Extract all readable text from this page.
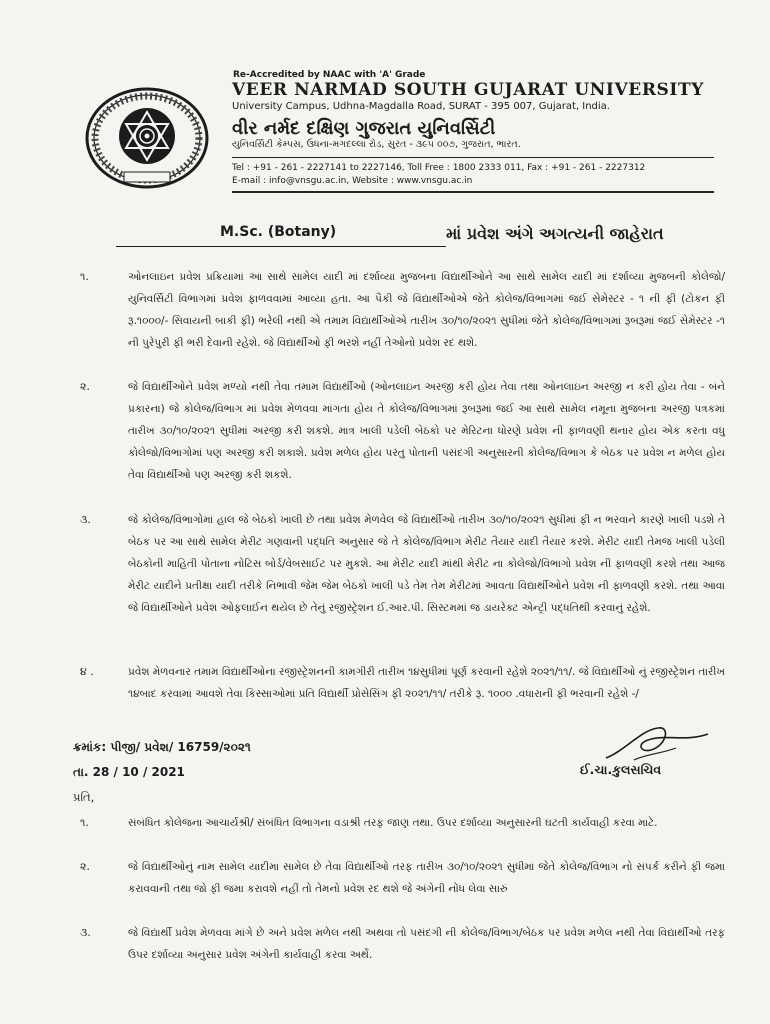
Re-Accredited by NAAC with 'A' Grade
VEER NARMAD SOUTH GUJARAT UNIVERSITY
University Campus, Udhna-Magdalla Road, SURAT - 395 007, Gujarat, India.
વીર નર્મદ દક્ષિણ ગુજરાત યુનિવર્સિટી
યુનિવર્સિટી કેમ્પસ, ઉધના-મગદલ્લા રોડ, સુરત - ૩૯૫ ૦૦૭, ગુજરાત, ભારત.
Tel : +91 - 261 - 2227141 to 2227146, Toll Free : 1800 2333 011, Fax : +91 - 261 - 2227312
E-mail : info@vnsgu.ac.in, Website : www.vnsgu.ac.in
M.Sc. (Botany)	માં પ્રવેશ અંગે અગત્યની જાહેરાત
૧.	ઓનલાઇન પ્રવેશ પ્રક્રિયામાં આ સાથે સામેલ યાદી માં દર્શાવ્યા મુજબના વિદ્યાર્થીઓને આ સાથે સામેલ યાદી માં દર્શાવ્યા મુજબની કોલેજો/યુનિવર્સિટી વિભાગમાં પ્રવેશ ફાળવવામાં આવ્યા હતા. આ પૈકી જે વિદ્યાર્થીઓએ જેતે કોલેજ/વિભાગમાં જઈ સેમેસ્ટર - ૧ ની ફી (ટોકન ફી રૂ.૧૦૦૦/- સિવાયની બાકી ફી) ભરેલી નથી એ તમામ વિદ્યાર્થીઓએ તારીખ ૩૦/૧૦/૨૦૨૧ સુધીમાં જેતે કોલેજ/વિભાગમાં રૂબરૂમાં જઈ સેમેસ્ટર -૧ ની પુરેપુરી ફી ભરી દેવાની રહેશે. જે વિદ્યાર્થીઓ ફી ભરશે નહીં તેઓનો પ્રવેશ રદ થશે.
૨.	જે વિદ્યાર્થીઓને પ્રવેશ મળ્યો નથી તેવા તમામ વિદ્યાર્થીઓ (ઓનલાઇન અરજી કરી હોય તેવા તથા ઓનલાઇન અરજી ન કરી હોય તેવા - બંને પ્રકારના) જે કોલેજ/વિભાગ માં પ્રવેશ મેળવવા માંગતા હોય તે કોલેજ/વિભાગમાં રૂબરૂમાં જઈ આ સાથે સામેલ નમૂના મુજબના અરજી પત્રકમાં તારીખ ૩૦/૧૦/૨૦૨૧ સુધીમાં અરજી કરી શકશે. માત્ર ખાલી પડેલી બેઠકો પર મેરિટના ધોરણે પ્રવેશ ની ફાળવણી થનાર હોય એક કરતા વધુ કોલેજો/વિભાગોમાં પણ અરજી કરી શકાશે. પ્રવેશ મળેલ હોય પરંતુ પોતાની પસંદગી અનુસારની કોલેજ/વિભાગ કે બેઠક પર પ્રવેશ ન મળેલ હોય તેવા વિદ્યાર્થીઓ પણ અરજી કરી શકશે.
૩.	જે કોલેજ/વિભાગોમાં હાલ જે બેઠકો ખાલી છે તથા પ્રવેશ મેળવેલ જે વિદ્યાર્થીઓ તારીખ ૩૦/૧૦/૨૦૨૧ સુધીમાં ફી ન ભરવાને કારણે ખાલી પડશે તે બેઠક પર આ સાથે સામેલ મેરીટ ગણવાની પદ્ધતિ અનુસાર જે તે કોલેજ/વિભાગ મેરીટ તૈયાર યાદી તૈયાર કરશે. મેરીટ યાદી તેમજ ખાલી પડેલી બેઠકોની માહિતી પોતાના નોટિસ બોર્ડ/વેબસાઈટ પર મુકશે. આ મેરીટ યાદી માંથી મેરીટ ના કોલેજો/વિભાગો પ્રવેશ ની ફાળવણી કરશે તથા આજ મેરીટ યાદીને પ્રતીક્ષા યાદી તરીકે નિભાવી જેમ જેમ બેઠકો ખાલી પડે તેમ તેમ મેરીટમાં આવતા વિદ્યાર્થીઓને પ્રવેશ ની ફાળવણી કરશે. તથા આવા જે વિદ્યાર્થીઓને પ્રવેશ ઓફલાઈન થયેલ છે તેનું રજીસ્ટ્રેશન ઈ.આર.પી. સિસ્ટમમાં જ ડાયરેક્ટ એન્ટ્રી પદ્ધતિથી કરવાનું રહેશે.
૪ .	પ્રવેશ મેળવનાર તમામ વિદ્યાર્થીઓના રજીસ્ટ્રેશનની કામગીરી તારીખ ૧૪સુધીમાં પૂર્ણ કરવાની રહેશે ૨૦૨૧/૧૧/. જે વિદ્યાર્થીઓ નું રજીસ્ટ્રેશન તારીખ ૧૪બાદ કરવામાં આવશે તેવા કિસ્સાઓમાં પ્રતિ વિદ્યાર્થી પ્રોસેસિંગ ફી ૨૦૨૧/૧૧/ તરીકે રૂ. ૧૦૦૦ .વધારાની ફી ભરવાની રહેશે -/
ક્રમાંક: પીજી/ પ્રવેશ/ 16759/૨૦૨૧
તા. 28 / 10 / 2021	ઈ.ચા.કુલસચિવ
પ્રતિ,
૧.	સંબંધિત કોલેજના આચાર્યશ્રી/ સંબંધિત વિભાગના વડાશ્રી તરફ જાણ તથા. ઉપર દર્શાવ્યા અનુસારની ઘટતી કાર્યવાહી કરવા માટે.
૨.	જે વિદ્યાર્થીઓનું નામ સામેલ યાદીમા સામેલ છે તેવા વિદ્યાર્થીઓ તરફ તારીખ ૩૦/૧૦/૨૦૨૧ સુધીમાં જેતે કોલેજ/વિભાગ નો સંપર્ક કરીને ફી જમા કરાવવાની તથા જો ફી જમા કરાવશે નહીં તો તેમનો પ્રવેશ રદ થશે જે અંગેની નોંધ લેવા સારું
૩.	જે વિદ્યાર્થી પ્રવેશ મેળવવા માંગે છે અને પ્રવેશ મળેલ નથી અથવા તો પસંદગી ની કોલેજ/વિભાગ/બેઠક પર પ્રવેશ મળેલ નથી તેવા વિદ્યાર્થીઓ તરફ ઉપર દર્શાવ્યા અનુસાર પ્રવેશ અંગેની કાર્યવાહી કરવા અર્થે.
